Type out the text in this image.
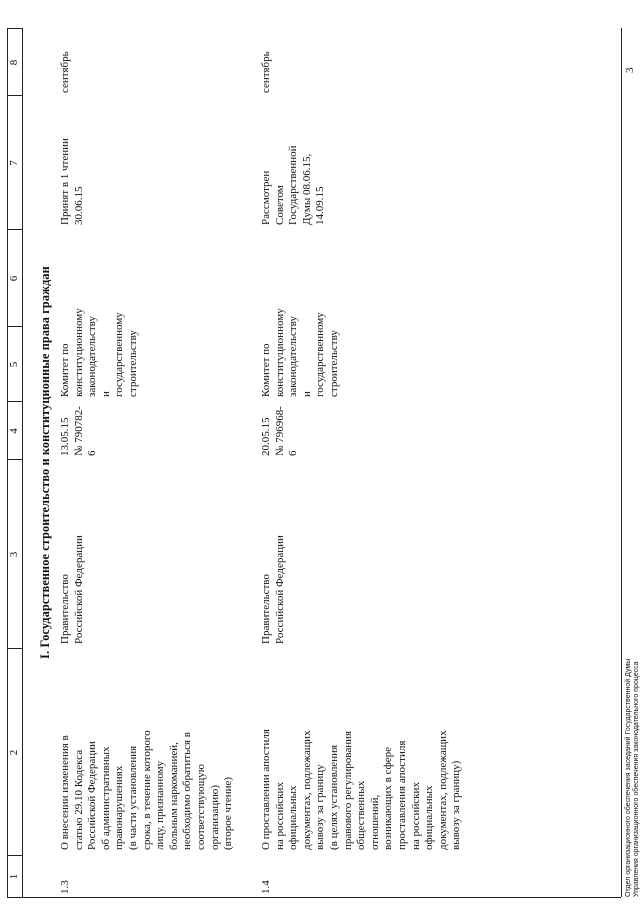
1
2
3
4
5
6
7
8
I. Государственное строительство и конституционные права граждан
1.3
О внесении изменения в
статью 29.10 Кодекса
Российской Федерации
об административных
правонарушениях
(в части установления
срока, в течение которого
лицу, признанному
больным наркоманией,
необходимо обратиться в
соответствующую
организацию)
(второе чтение)
Правительство
Российской Федерации
13.05.15
№ 790782-6
Комитет по
конституционному
законодательству и
государственному
строительству
Принят в 1 чтении
30.06.15
сентябрь
1.4
О проставлении апостиля
на российских
официальных
документах, подлежащих
вывозу за границу
(в целях установления
правового регулирования
общественных
отношений,
возникающих в сфере
проставления апостиля
на российских
официальных
документах, подлежащих
вывозу за границу)
Правительство
Российской Федерации
20.05.15
№ 796968-6
Комитет по
конституционному
законодательству и
государственному
строительству
Рассмотрен
Советом
Государственной
Думы 08.06.15,
14.09.15
сентябрь
Отдел организационного обеспечения заседаний Государственной Думы Управления организационного обеспечения законодательного процесса
3
